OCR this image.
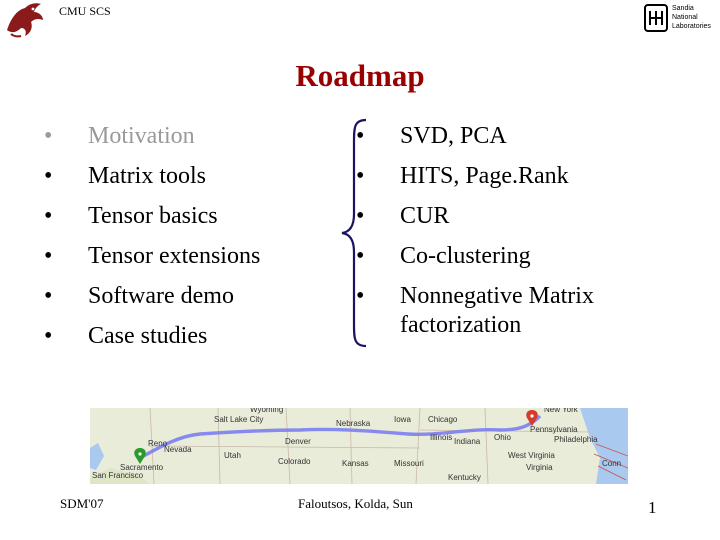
CMU SCS	Sandia
National
Laboratories
Roadmap
• Motivation
• Matrix tools
• Tensor basics
• Tensor extensions
• Software demo
• Case studies
• SVD, PCA
• HITS, Page.Rank
• CUR
• Co-clustering
• Nonnegative Matrix
factorization
Reno
Nevada
Sacramento
San Francisco
Salt Lake City
Utah
Wyoming
Denver
Colorado
Nebraska
Kansas
Iowa
Missouri
Illinois
Chicago
Indiana Ohio
Kentucky
Pennsylvania
Philadelphia
West Virginia
Virginia
New York
Conn
SDM'07	Faloutsos, Kolda, Sun	1
